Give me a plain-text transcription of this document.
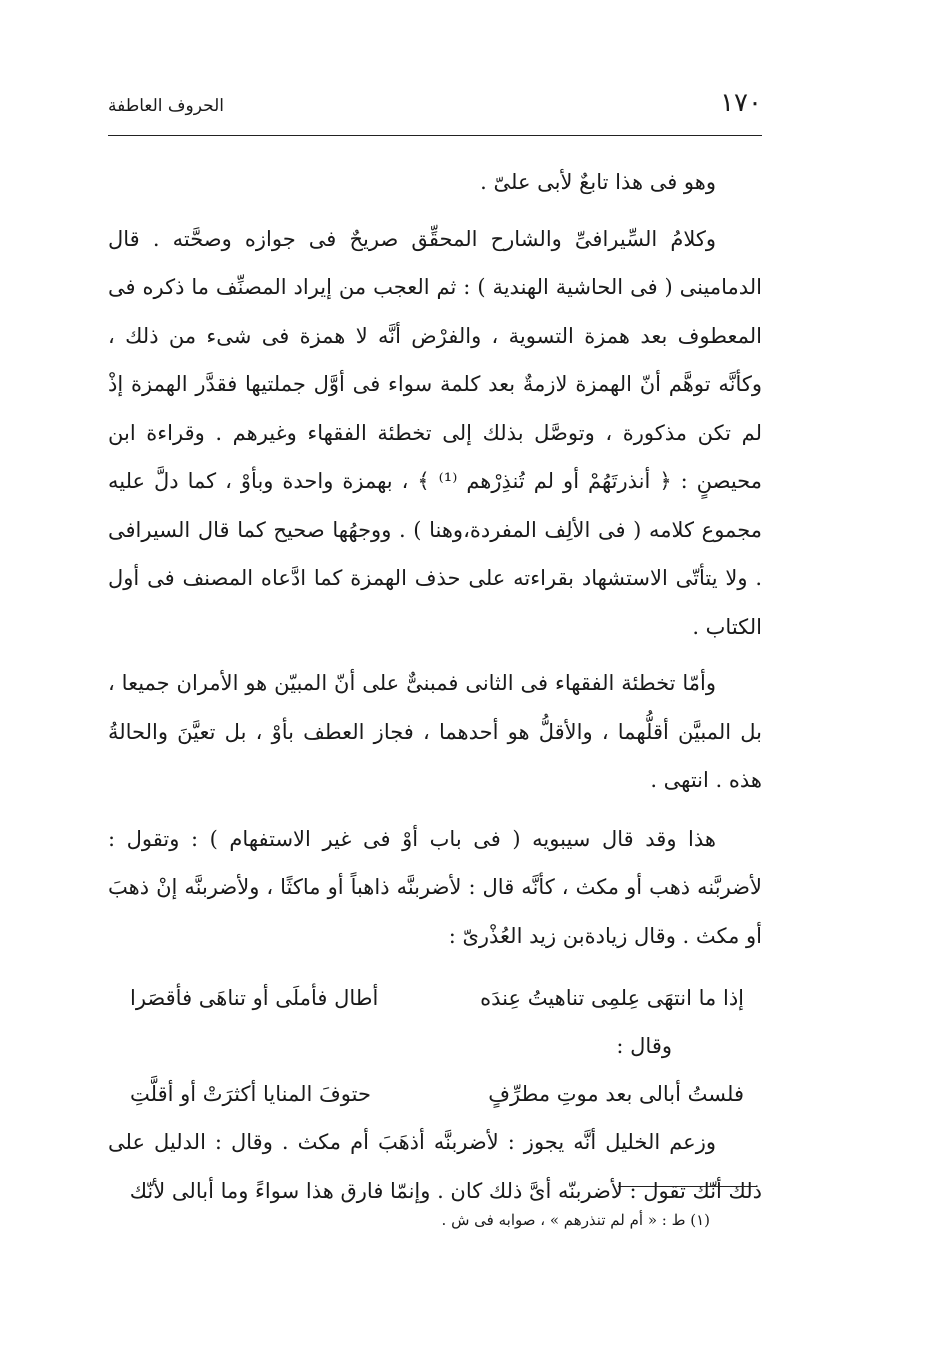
١٧٠
الحروف العاطفة

وهو فى هذا تابعٌ لأبى علىّ .

وكلامُ السِّيرافىِّ والشارح المحقِّق صريحٌ فى جوازه وصحَّته . قال الدمامينى ( فى الحاشية الهندية ) : ثم العجب من إيراد المصنِّف ما ذكره فى المعطوف بعد همزة التسوية ، والفرْض أنَّه لا همزة فى شىء من ذلك ، وكأنَّه توهَّم أنّ الهمزة لازمةٌ بعد كلمة سواء فى أوَّل جملتيها فقدَّر الهمزة إذْ لم تكن مذكورة ، وتوصَّل بذلك إلى تخطئة الفقهاء وغيرهم . وقراءة ابن محيصنٍ : ﴿ أنذرتَهُمْ أو لم تُنذِرْهم ⁽¹⁾ ﴾ ، بهمزة واحدة وبأوْ ، كما دلَّ عليه مجموع كلامه ( فى الألِف المفردة،وهنا ) . ووجهُها صحيح كما قال السيرافى . ولا يتأتّى الاستشهاد بقراءته على حذف الهمزة كما ادَّعاه المصنف فى أول الكتاب .

وأمّا تخطئة الفقهاء فى الثانى فمبنىٌّ على أنّ المبيّن هو الأمران جميعا ، بل المبيَّن أقلُّهما ، والأقلُّ هو أحدهما ، فجاز العطف بأوْ ، بل تعيَّنَ والحالةُ هذه . انتهى .

هذا وقد قال سيبويه ( فى باب أوْ فى غير الاستفهام ) : وتقول : لأضربَّنه ذهب أو مكث ، كأنَّه قال : لأضربنَّه ذاهباً أو ماكثًا ، ولأضربنَّه إنْ ذهبَ أو مكث . وقال زيادةبن زيد العُذْرىّ :

إذا ما انتهَى عِلمِى تناهيتُ عِندَه
أطال فأملَى أو تناهَى فأقصَرا

وقال :

فلستُ أبالى بعد موتِ مطرِّفٍ
حتوفَ المنايا أكثرَتْ أو أقلَّتِ

وزعم الخليل أنَّه يجوز : لأضربنَّه أذهَبَ أم مكث . وقال : الدليل على ذلك أنّك تقول : لأضربنّه أىَّ ذلك كان . وإنمّا فارق هذا سواءً وما أبالى لأنّك

(١) ط : « أم لم تنذرهم » ، صوابه فى ش .
